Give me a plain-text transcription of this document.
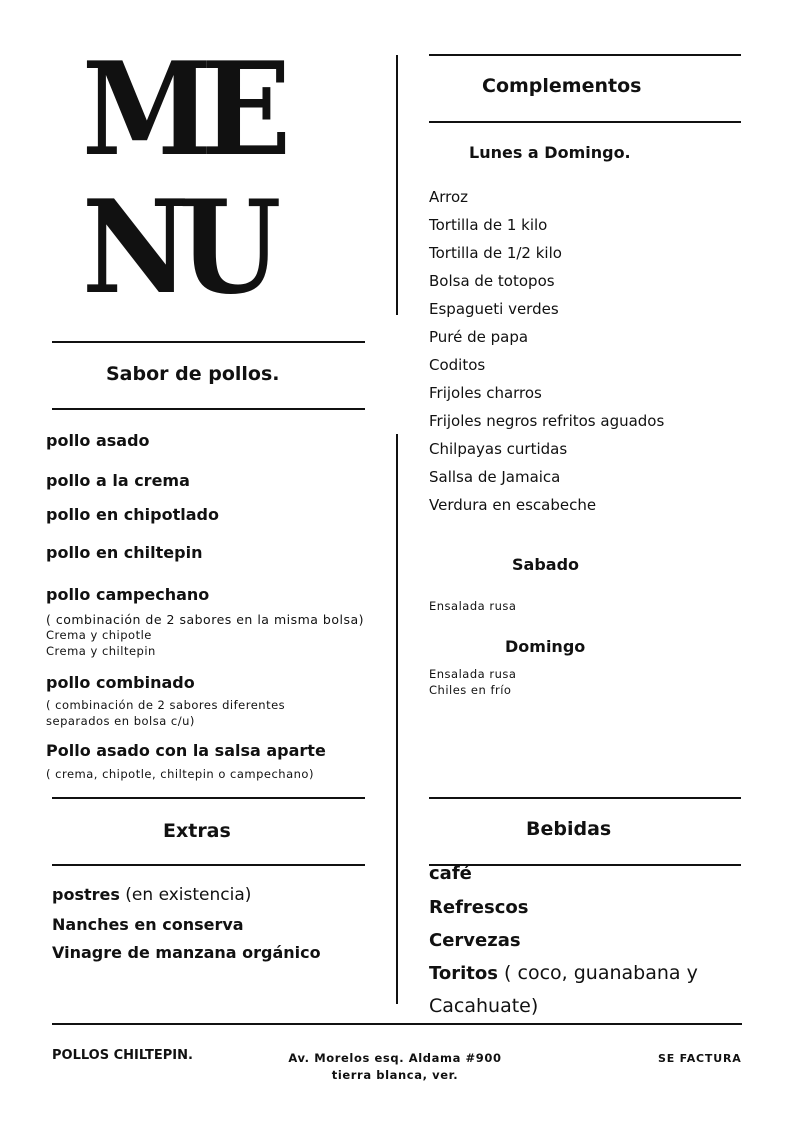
ME
NU
Sabor de pollos.
pollo asado
pollo a la crema
pollo en chipotlado
pollo en chiltepin
pollo campechano
( combinación de 2 sabores en la misma bolsa)
Crema y chipotle
Crema y chiltepin
pollo combinado
( combinación de 2 sabores diferentes
separados en bolsa c/u)
Pollo asado con la salsa aparte
( crema, chipotle, chiltepin o campechano)
Extras
postres (en existencia)
Nanches en conserva
Vinagre de manzana orgánico
Complementos
Lunes a Domingo.
Arroz
Tortilla de 1 kilo
Tortilla de 1/2 kilo
Bolsa de totopos
Espagueti verdes
Puré de papa
Coditos
Frijoles charros
Frijoles negros refritos aguados
Chilpayas curtidas
Sallsa de Jamaica
Verdura en escabeche
Sabado
Ensalada rusa
Domingo
Ensalada rusa
Chiles en frío
Bebidas
café
Refrescos
Cervezas
Toritos ( coco, guanabana y
Cacahuate)
POLLOS CHILTEPIN.	Av. Morelos esq. Aldama #900
tierra blanca, ver.
SE FACTURA
